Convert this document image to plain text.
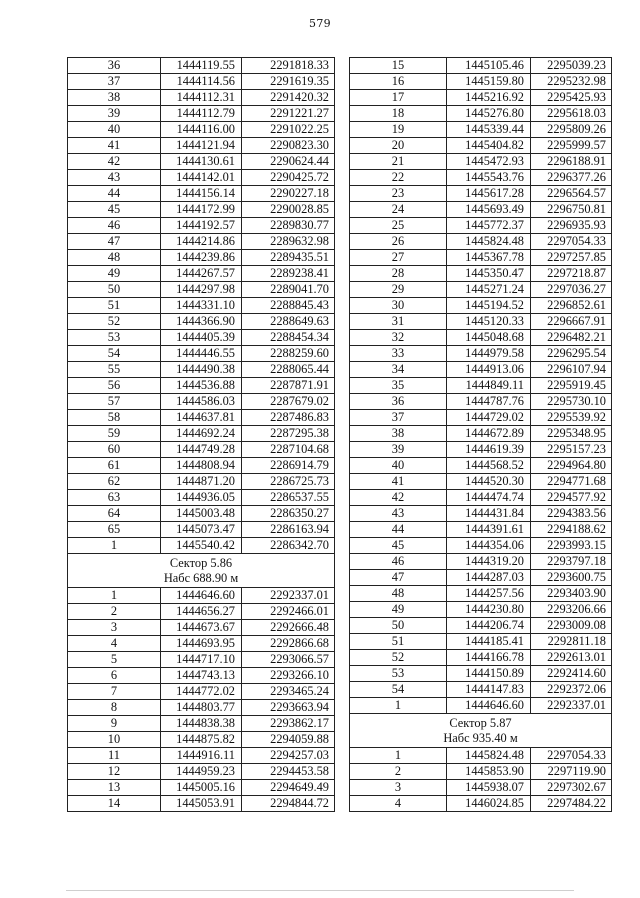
579
36	1444119.55	2291818.33
37	1444114.56	2291619.35
38	1444112.31	2291420.32
39	1444112.79	2291221.27
40	1444116.00	2291022.25
41	1444121.94	2290823.30
42	1444130.61	2290624.44
43	1444142.01	2290425.72
44	1444156.14	2290227.18
45	1444172.99	2290028.85
46	1444192.57	2289830.77
47	1444214.86	2289632.98
48	1444239.86	2289435.51
49	1444267.57	2289238.41
50	1444297.98	2289041.70
51	1444331.10	2288845.43
52	1444366.90	2288649.63
53	1444405.39	2288454.34
54	1444446.55	2288259.60
55	1444490.38	2288065.44
56	1444536.88	2287871.91
57	1444586.03	2287679.02
58	1444637.81	2287486.83
59	1444692.24	2287295.38
60	1444749.28	2287104.68
61	1444808.94	2286914.79
62	1444871.20	2286725.73
63	1444936.05	2286537.55
64	1445003.48	2286350.27
65	1445073.47	2286163.94
1	1445540.42	2286342.70

Сектор 5.86
Набс 688.90 м		

1	1444646.60	2292337.01
2	1444656.27	2292466.01
3	1444673.67	2292666.48
4	1444693.95	2292866.68
5	1444717.10	2293066.57
6	1444743.13	2293266.10
7	1444772.02	2293465.24
8	1444803.77	2293663.94
9	1444838.38	2293862.17
10	1444875.82	2294059.88
11	1444916.11	2294257.03
12	1444959.23	2294453.58
13	1445005.16	2294649.49
14	1445053.91	2294844.72
15	1445105.46	2295039.23
16	1445159.80	2295232.98
17	1445216.92	2295425.93
18	1445276.80	2295618.03
19	1445339.44	2295809.26
20	1445404.82	2295999.57
21	1445472.93	2296188.91
22	1445543.76	2296377.26
23	1445617.28	2296564.57
24	1445693.49	2296750.81
25	1445772.37	2296935.93
26	1445824.48	2297054.33
27	1445367.78	2297257.85
28	1445350.47	2297218.87
29	1445271.24	2297036.27
30	1445194.52	2296852.61
31	1445120.33	2296667.91
32	1445048.68	2296482.21
33	1444979.58	2296295.54
34	1444913.06	2296107.94
35	1444849.11	2295919.45
36	1444787.76	2295730.10
37	1444729.02	2295539.92
38	1444672.89	2295348.95
39	1444619.39	2295157.23
40	1444568.52	2294964.80
41	1444520.30	2294771.68
42	1444474.74	2294577.92
43	1444431.84	2294383.56
44	1444391.61	2294188.62
45	1444354.06	2293993.15
46	1444319.20	2293797.18
47	1444287.03	2293600.75
48	1444257.56	2293403.90
49	1444230.80	2293206.66
50	1444206.74	2293009.08
51	1444185.41	2292811.18
52	1444166.78	2292613.01
53	1444150.89	2292414.60
54	1444147.83	2292372.06
1	1444646.60	2292337.01

Сектор 5.87
Набс 935.40 м		

1	1445824.48	2297054.33
2	1445853.90	2297119.90
3	1445938.07	2297302.67
4	1446024.85	2297484.22
